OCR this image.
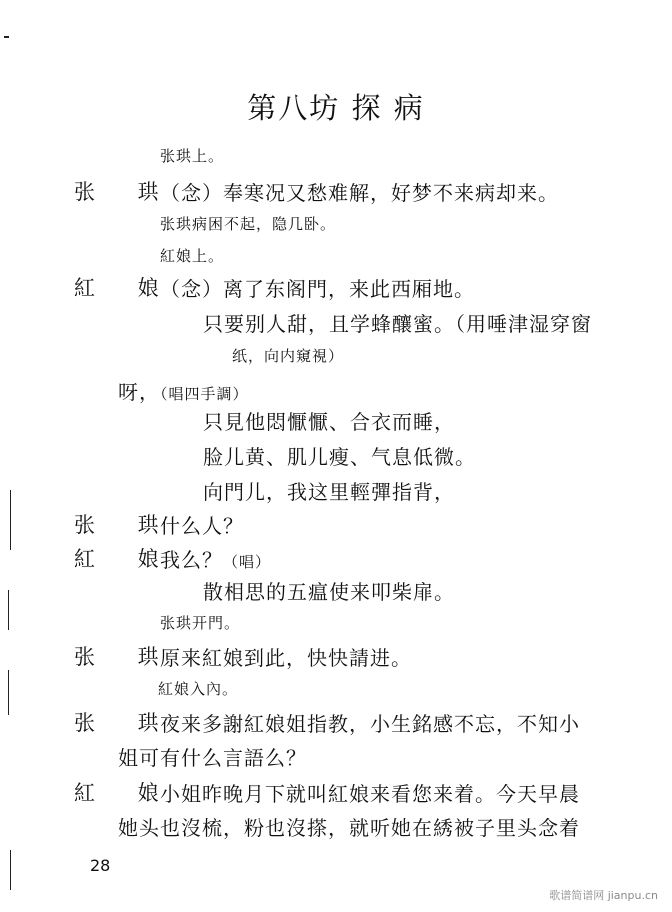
第八坊 探 病
张珙上。
张 珙
（念）奉寒况又愁难解，好梦不来病却来。
张珙病困不起，隐几卧。
紅娘上。
紅 娘
（念）离了东阁門，来此西厢地。
只要别人甜，且学蜂釀蜜。（用唾津湿穿窗
纸，向内窺視）
呀，（唱四手調）
只見他悶懨懨、合衣而睡，
脸儿黄、肌儿瘦、气息低微。
向門儿，我这里輕彈指背，
张 珙
什么人？
紅 娘
我么？（唱）
散相思的五瘟使来叩柴扉。
张珙开門。
张 珙
原来紅娘到此，快快請进。
紅娘入內。
张 珙
夜来多謝紅娘姐指教，小生銘感不忘，不知小
姐可有什么言語么？
紅 娘
小姐昨晚月下就叫紅娘来看您来着。今天早晨
她头也沒梳，粉也沒搽，就听她在綉被子里头念着
28
歌谱简谱网 jianpu.cn
